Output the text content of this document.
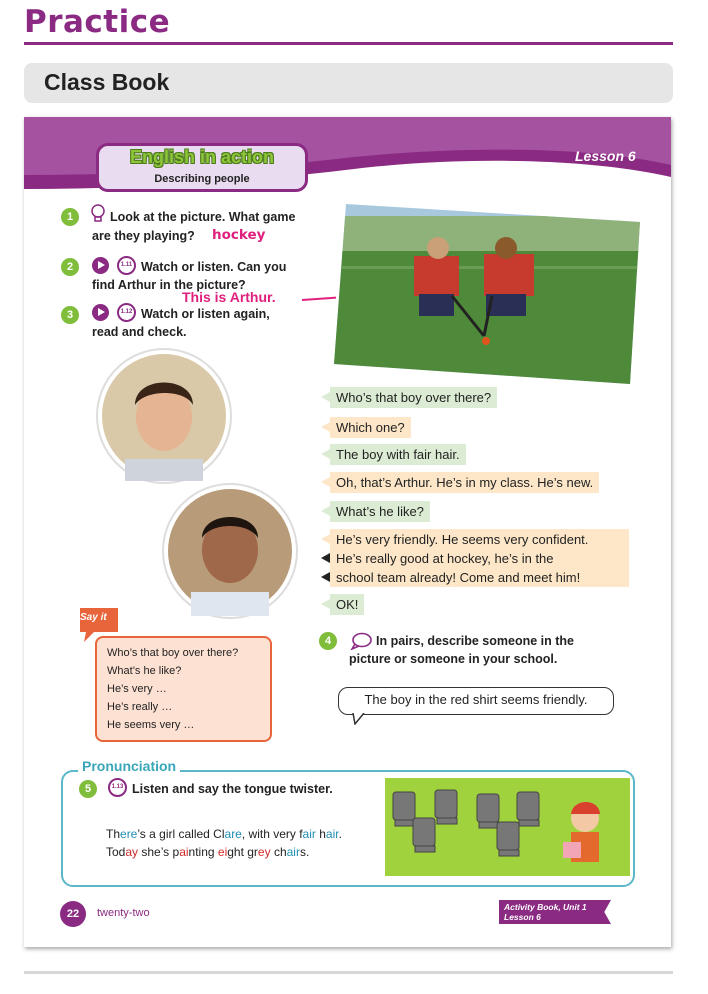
Practice
Class Book
Lesson 6
English in action
Describing people
1	Look at the picture. What game
are they playing? hockey
2	1.11 Watch or listen. Can you
find Arthur in the picture?
This is Arthur.
3	1.12 Watch or listen again,
read and check.
Who’s that boy over there?
Which one?
The boy with fair hair.
Oh, that’s Arthur. He’s in my class. He’s new.
What’s he like?
He’s very friendly. He seems very confident.
He’s really good at hockey, he’s in the
school team already! Come and meet him!
OK!
Say it
Who’s that boy over there?
What’s he like?
He’s very …
He’s really …
He seems very …
4	In pairs, describe someone in the
picture or someone in your school.
The boy in the red shirt seems friendly.
Pronunciation
5	1.13 Listen and say the tongue twister.
There’s a girl called Clare, with very fair hair.
Today she’s painting eight grey chairs.
22	twenty-two	Activity Book, Unit 1
Lesson 6
